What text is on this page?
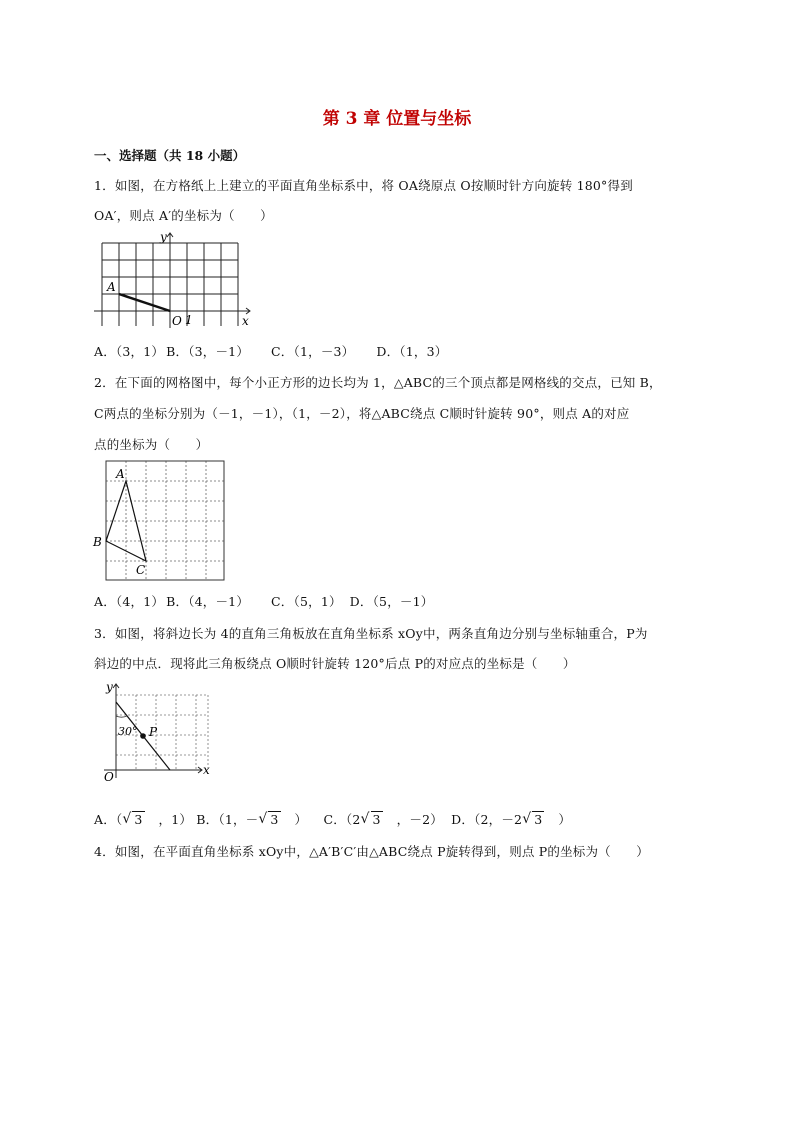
第 3 章 位置与坐标
一、选择题（共 18 小题）
1．如图，在方格纸上上建立的平面直角坐标系中，将 OA绕原点 O按顺时针方向旋转 180°得到
OA′，则点 A′的坐标为（　　）
y
x
A
O 1
A．（3，1） B．（3，－1） C．（1，－3） D．（1，3）
2．在下面的网格图中，每个小正方形的边长均为 1，△ABC的三个顶点都是网格线的交点，已知 B，
C两点的坐标分别为（－1，－1），（1，－2），将△ABC绕点 C顺时针旋转 90°，则点 A的对应
点的坐标为（　　）
A
B
C
A．（4，1） B．（4，－1） C．（5，1） D．（5，－1）
3．如图，将斜边长为 4的直角三角板放在直角坐标系 xOy中，两条直角边分别与坐标轴重合，P为
斜边的中点．现将此三角板绕点 O顺时针旋转 120°后点 P的对应点的坐标是（　　）
y
x
O
P
30°
A．（ √ 3 ，1） B．（1，－ √ 3 ） C．（2 √ 3 ，－2） D．（2，－2 √ 3 ）
4．如图，在平面直角坐标系 xOy中，△A′B′C′由△ABC绕点 P旋转得到，则点 P的坐标为（　　）
